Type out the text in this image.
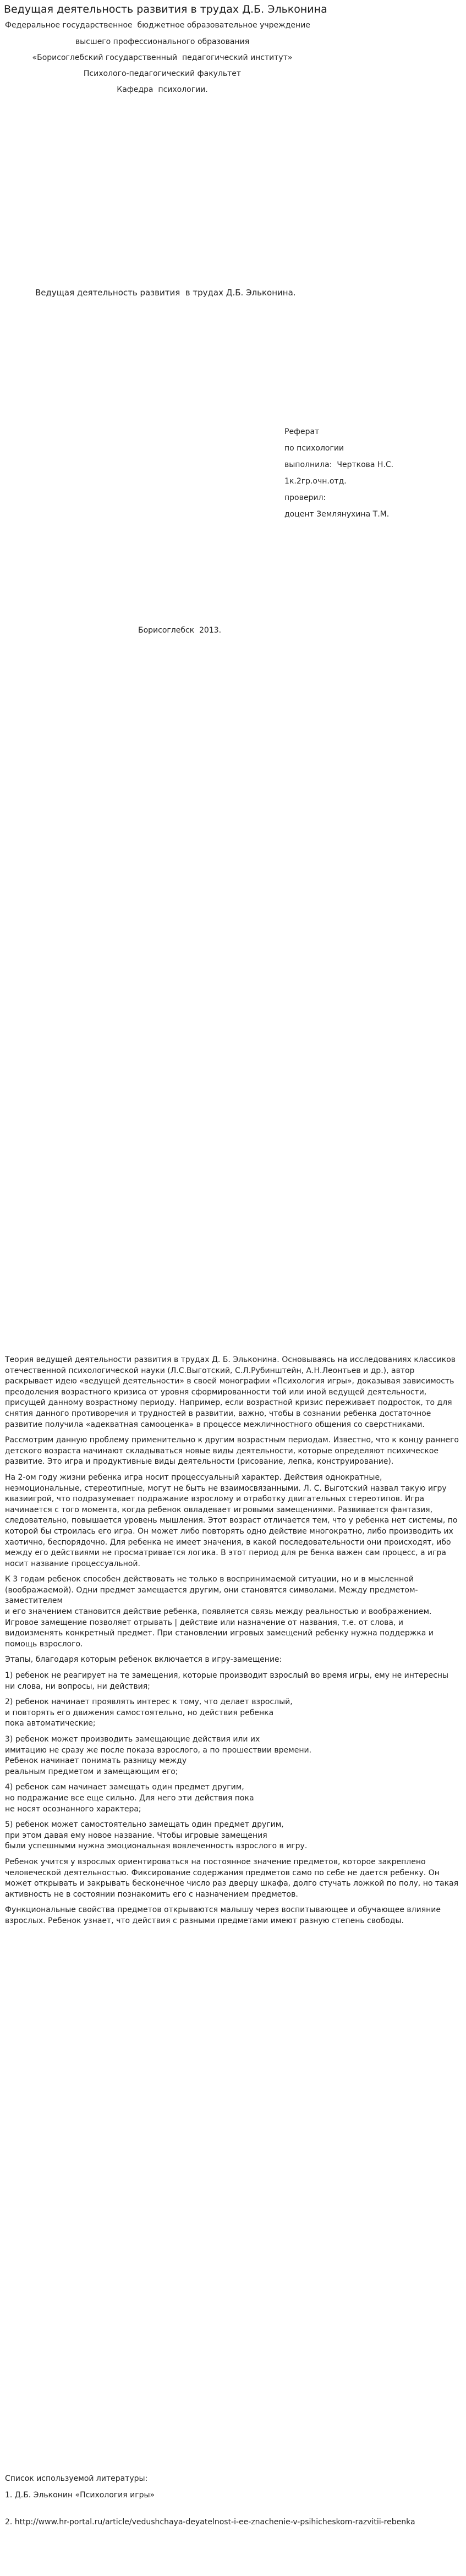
Ведущая деятельность развития в трудах Д.Б. Эльконина
Федеральное государственное  бюджетное образовательное учреждение
высшего профессионального образования
«Борисоглебский государственный  педагогический институт»
Психолого-педагогический факультет
Кафедра  психологии.
Ведущая деятельность развития  в трудах Д.Б. Эльконина.
Реферат
по психологии
выполнила:  Черткова Н.С.
1к.2гр.очн.отд.
проверил:
доцент Землянухина Т.М.
Борисоглебск  2013.

Теория ведущей деятельности развития в трудах Д. Б. Эльконина. Основываясь на исследованиях классиков отечественной психологической науки (Л.С.Выготский, С.Л.Рубинштейн, А.Н.Леонтьев и др.), автор раскрывает идею «ведущей деятельности» в своей монографии «Психология игры», доказывая зависимость преодоления возрастного кризиса от уровня сформированности той или иной ведущей деятельности, присущей данному возрастному периоду. Например, если возрастной кризис переживает подросток, то для снятия данного противоречия и трудностей в развитии, важно, чтобы в сознании ребенка достаточное развитие получила «адекватная самооценка» в процессе межличностного общения со сверстниками.

Рассмотрим данную проблему применительно к другим возрастным периодам. Известно, что к концу раннего детского возраста начинают складываться новые виды деятельности, которые определяют психическое развитие. Это игра и продуктивные виды деятельности (рисование, лепка, конструирование).

На 2-ом году жизни ребенка игра носит процессуальный характер. Действия однократные, неэмоциональные, стереотипные, могут не быть не взаимосвязанными. Л. С. Выготский назвал такую игру квазиигрой, что подразумевает подражание взрослому и отработку двигательных стереотипов. Игра начинается с того момента, когда ребенок овладевает игровыми замещениями. Развивается фантазия, следовательно, повышается уровень мышления. Этот возраст отличается тем, что у ребенка нет системы, по которой бы строилась его игра. Он может либо повторять одно действие многократно, либо производить их хаотично, беспорядочно. Для ребенка не имеет значения, в какой последовательности они происходят, ибо между его действиями не просматривается логика. В этот период для ре бенка важен сам процесс, а игра носит название процессуальной.

К 3 годам ребенок способен действовать не только в воспринимаемой ситуации, но и в мысленной (воображаемой). Одни предмет замещается другим, они становятся символами. Между предметом-заместителем
и его значением становится действие ребенка, появляется связь между реальностью и воображением. Игровое замещение позволяет отрывать | действие или назначение от названия, т.е. от слова, и видоизменять конкретный предмет. При становлении игровых замещений ребенку нужна поддержка и помощь взрослого.

Этапы, благодаря которым ребенок включается в игру-замещение:

1) ребенок не реагирует на те замещения, которые производит взрослый во время игры, ему не интересны ни слова, ни вопросы, ни действия;

2) ребенок начинает проявлять интерес к тому, что делает взрослый,
и повторять его движения самостоятельно, но действия ребенка
пока автоматические;

3) ребенок может производить замещающие действия или их
имитацию не сразу же после показа взрослого, а по прошествии времени.
Ребенок начинает понимать разницу между
реальным предметом и замещающим его;

4) ребенок сам начинает замещать один предмет другим,
но подражание все еще сильно. Для него эти действия пока
не носят осознанного характера;

5) ребенок может самостоятельно замещать один предмет другим,
при этом давая ему новое название. Чтобы игровые замещения
были успешными нужна эмоциональная вовлеченность взрослого в игру.

Ребенок учится у взрослых ориентироваться на постоянное значение предметов, которое закреплено человеческой деятельностью. Фиксирование содержания предметов само по себе не дается ребенку. Он может открывать и закрывать бесконечное число раз дверцу шкафа, долго стучать ложкой по полу, но такая активность не в состоянии познакомить его с назначением предметов.

Функциональные свойства предметов открываются малышу через воспитывающее и обучающее влияние взрослых. Ребенок узнает, что действия с разными предметами имеют разную степень свободы.

Список используемой литературы:

1. Д.Б. Эльконин «Психология игры»

2. http://www.hr-portal.ru/article/vedushchaya-deyatelnost-i-ee-znachenie-v-psihicheskom-razvitii-rebenka
